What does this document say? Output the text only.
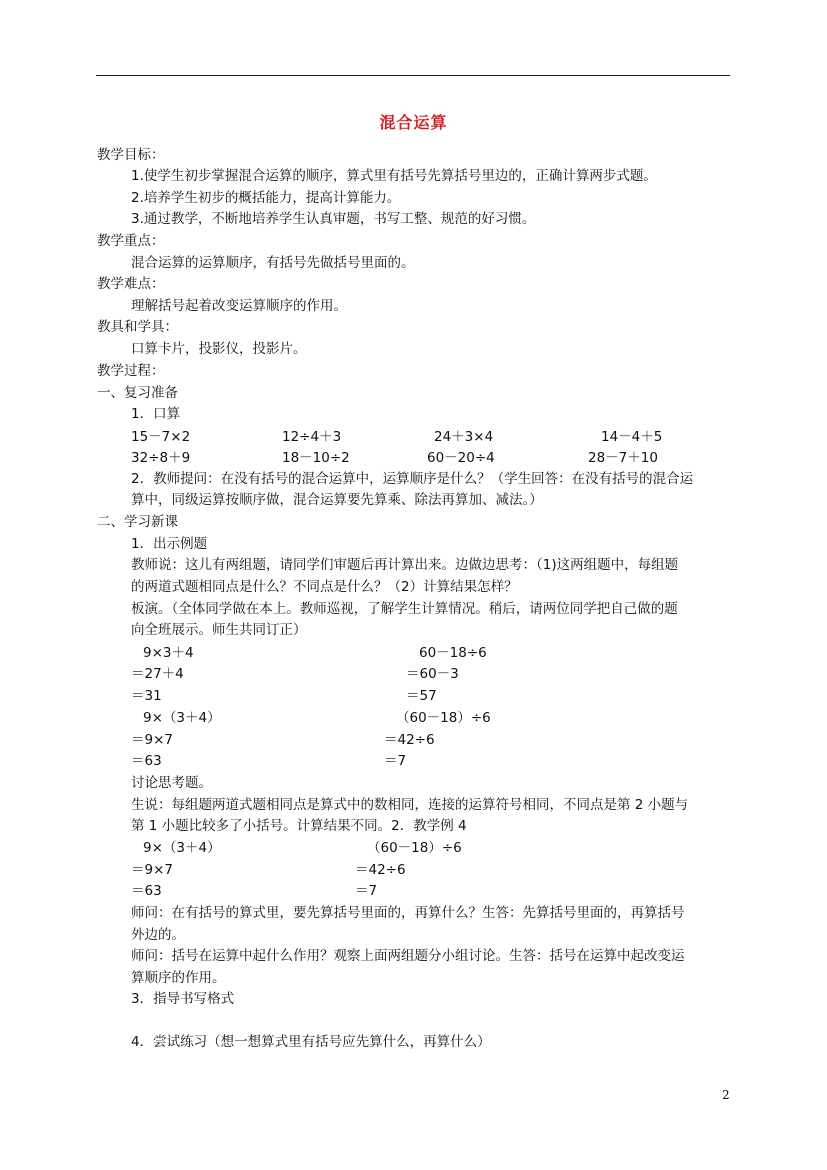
混合运算
教学目标：
1.使学生初步掌握混合运算的顺序，算式里有括号先算括号里边的，正确计算两步式题。
2.培养学生初步的概括能力，提高计算能力。
3.通过教学，不断地培养学生认真审题，书写工整、规范的好习惯。
教学重点：
混合运算的运算顺序，有括号先做括号里面的。
教学难点：
理解括号起着改变运算顺序的作用。
教具和学具：
口算卡片，投影仪，投影片。
教学过程：
一、复习准备
1．口算
15－7×2	12÷4＋3	24＋3×4	14－4＋5
32÷8＋9	18－10÷2	60－20÷4	28－7＋10
2．教师提问：在没有括号的混合运算中，运算顺序是什么？（学生回答：在没有括号的混合运
算中，同级运算按顺序做，混合运算要先算乘、除法再算加、减法。）
二、学习新课
1．出示例题
教师说：这儿有两组题，请同学们审题后再计算出来。边做边思考：（1)这两组题中，每组题
的两道式题相同点是什么？不同点是什么？（2）计算结果怎样？
板演。（全体同学做在本上。教师巡视，了解学生计算情况。稍后，请两位同学把自己做的题
向全班展示。师生共同订正）
9×3＋4
＝27＋4
＝31
60－18÷6
＝60－3
＝57
9×（3＋4）
＝9×7
＝63
（60－18）÷6
＝42÷6
＝7
讨论思考题。
生说：每组题两道式题相同点是算式中的数相同，连接的运算符号相同，不同点是第 2 小题与
第 1 小题比较多了小括号。计算结果不同。2．教学例 4
9×（3＋4）
＝9×7
＝63
（60－18）÷6
＝42÷6
＝7
师问：在有括号的算式里，要先算括号里面的，再算什么？生答：先算括号里面的，再算括号
外边的。
师问：括号在运算中起什么作用？观察上面两组题分小组讨论。生答：括号在运算中起改变运
算顺序的作用。
3．指导书写格式
4．尝试练习（想一想算式里有括号应先算什么，再算什么）
2
